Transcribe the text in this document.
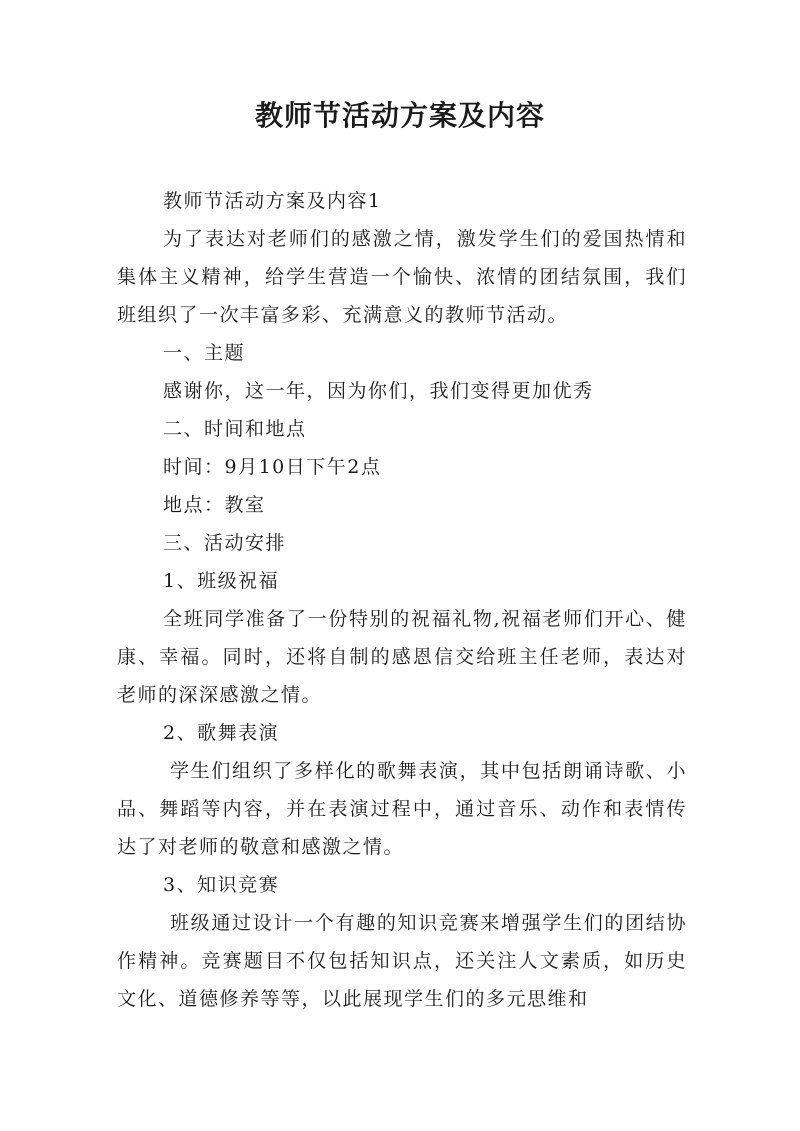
教师节活动方案及内容

教师节活动方案及内容1

为了表达对老师们的感激之情，激发学生们的爱国热情和集体主义精神，给学生营造一个愉快、浓情的团结氛围，我们班组织了一次丰富多彩、充满意义的教师节活动。

一、主题

感谢你，这一年，因为你们，我们变得更加优秀

二、时间和地点

时间：9月10日下午2点

地点：教室

三、活动安排

1、班级祝福

全班同学准备了一份特别的祝福礼物,祝福老师们开心、健康、幸福。同时，还将自制的感恩信交给班主任老师，表达对老师的深深感激之情。

2、歌舞表演

学生们组织了多样化的歌舞表演，其中包括朗诵诗歌、小品、舞蹈等内容，并在表演过程中，通过音乐、动作和表情传达了对老师的敬意和感激之情。

3、知识竞赛

班级通过设计一个有趣的知识竞赛来增强学生们的团结协作精神。竞赛题目不仅包括知识点，还关注人文素质，如历史文化、道德修养等等，以此展现学生们的多元思维和
